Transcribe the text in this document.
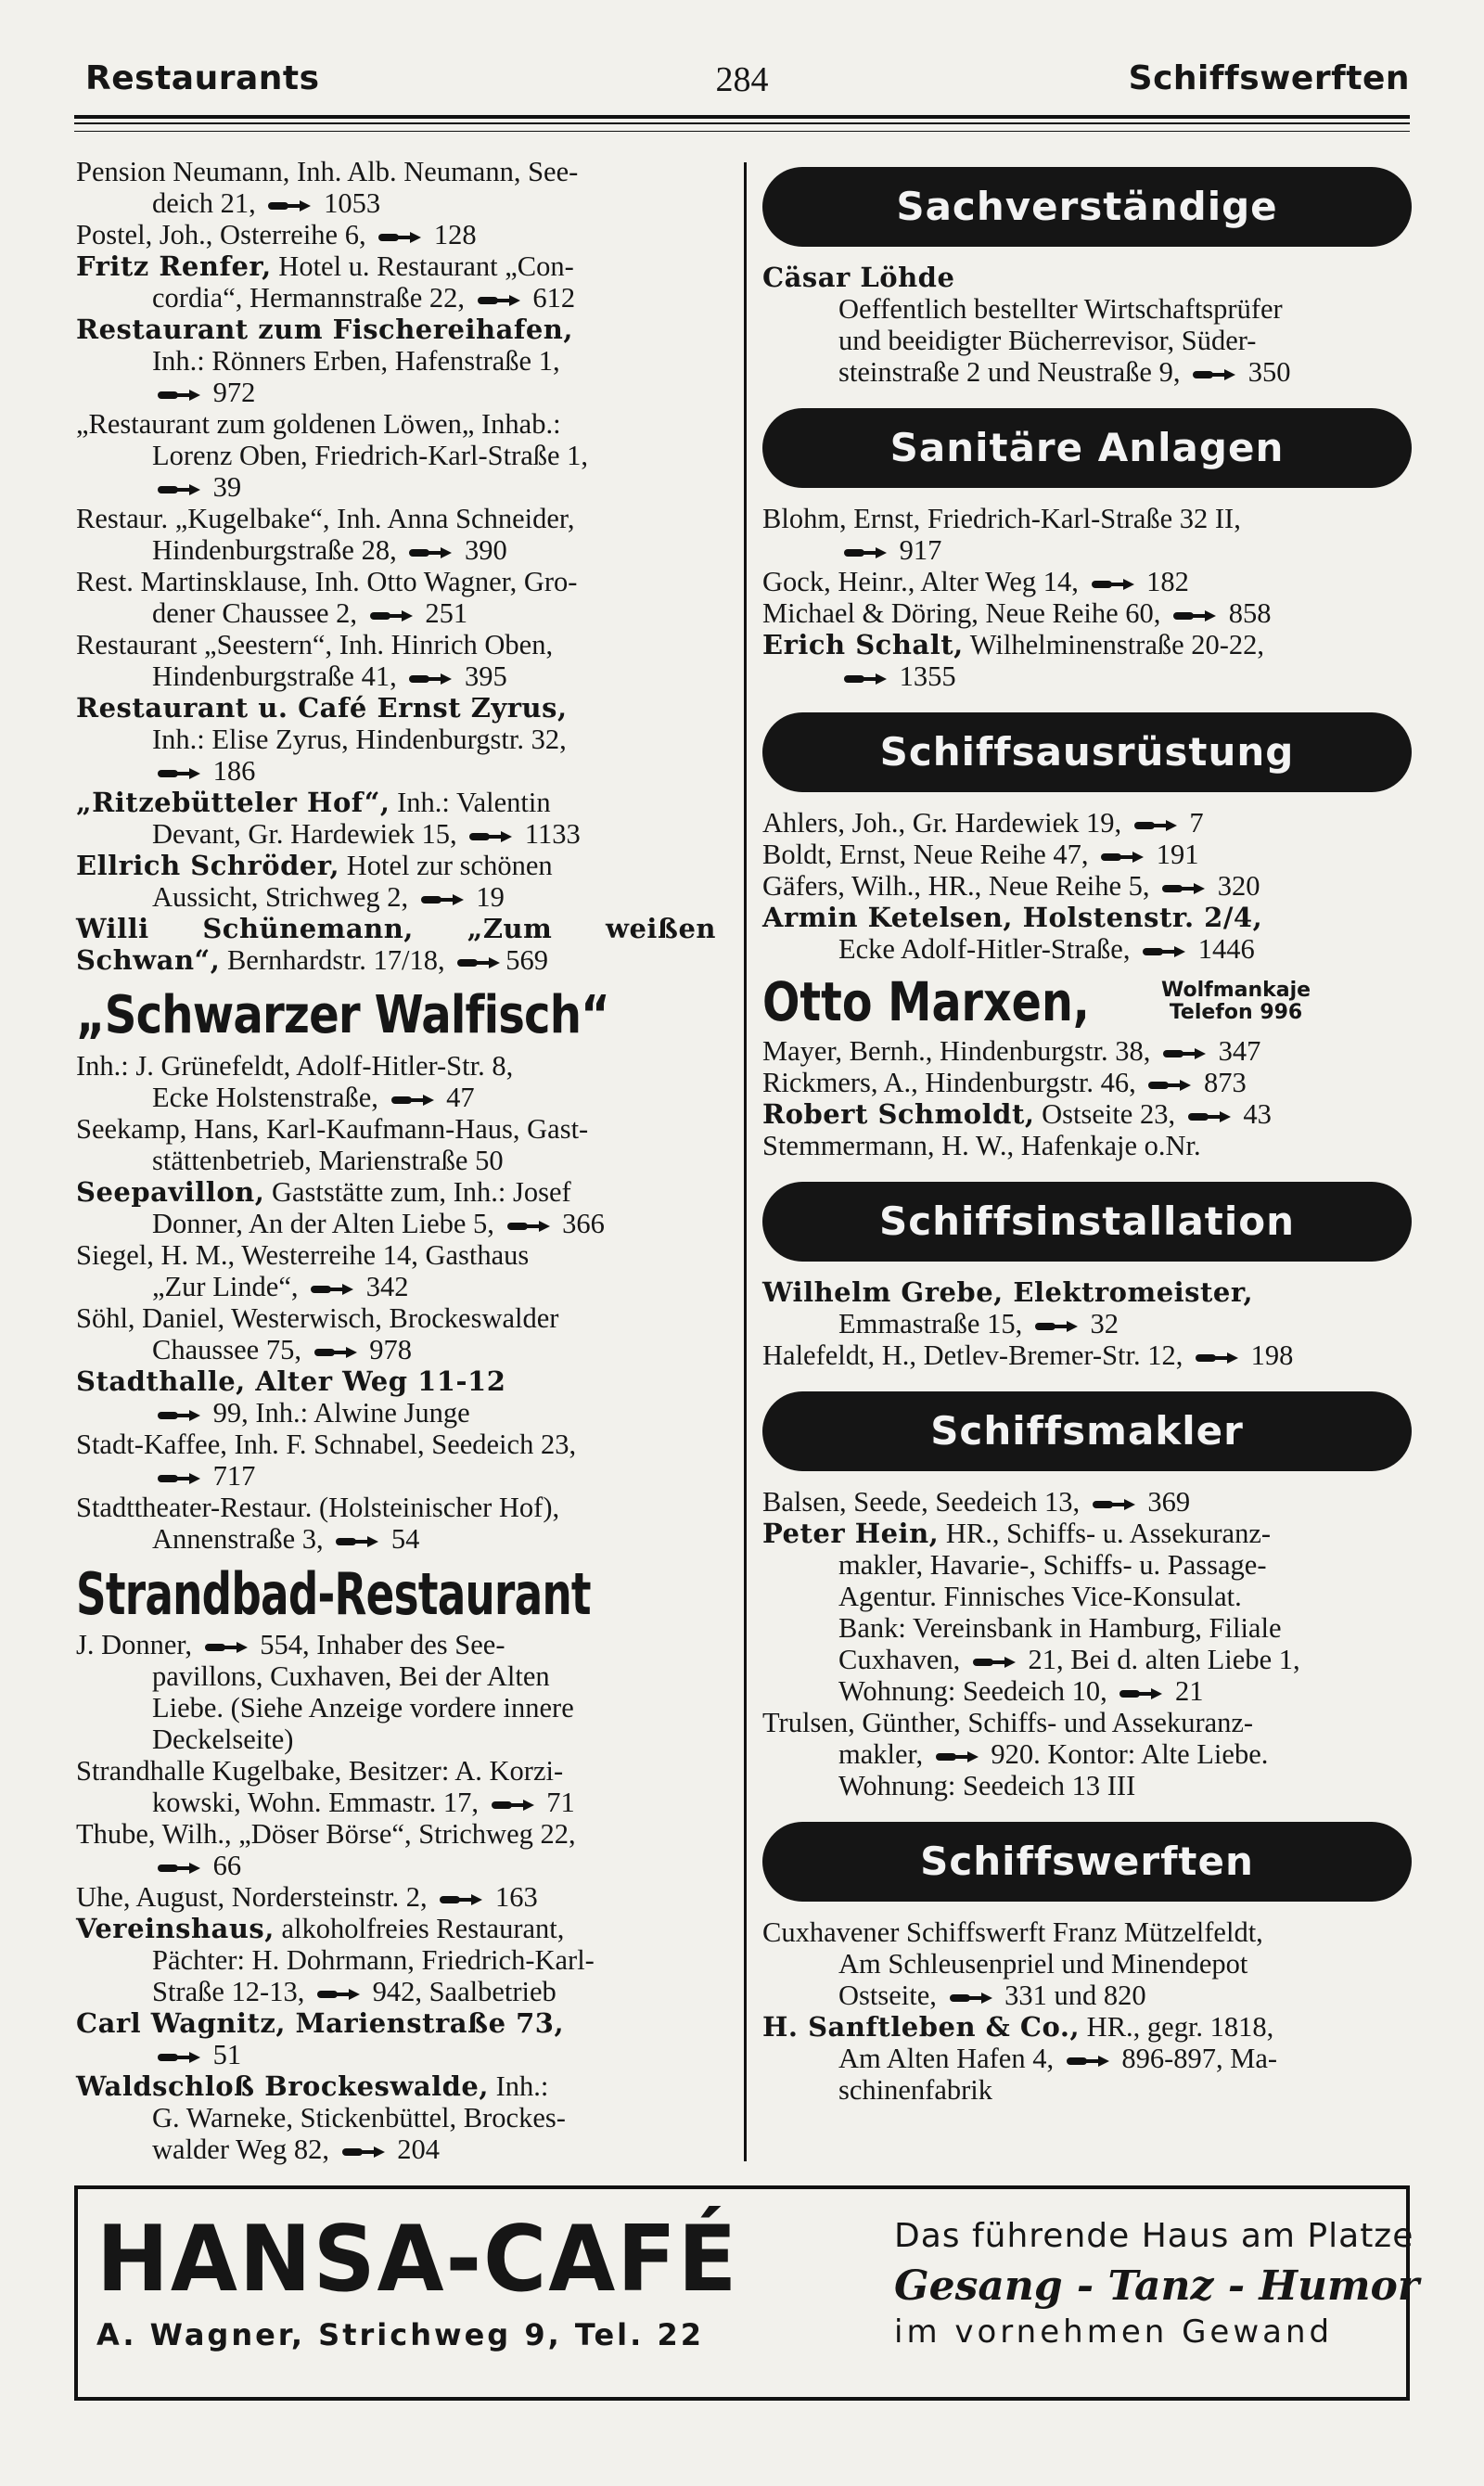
Restaurants	284	Schiffswerften
Pension Neumann, Inh. Alb. Neumann, See-
deich 21,  1053
Postel, Joh., Osterreihe 6,  128
Fritz Renfer, Hotel u. Restaurant „Con-
cordia“, Hermannstraße 22,  612
Restaurant zum Fischereihafen,
Inh.: Rönners Erben, Hafenstraße 1,
972
„Restaurant zum goldenen Löwen„ Inhab.:
Lorenz Oben, Friedrich-Karl-Straße 1,
39
Restaur. „Kugelbake“, Inh. Anna Schneider,
Hindenburgstraße 28,  390
Rest. Martinsklause, Inh. Otto Wagner, Gro-
dener Chaussee 2,  251
Restaurant „Seestern“, Inh. Hinrich Oben,
Hindenburgstraße 41,  395
Restaurant u. Café Ernst Zyrus,
Inh.: Elise Zyrus, Hindenburgstr. 32,
186
„Ritzebütteler Hof“, Inh.: Valentin
Devant, Gr. Hardewiek 15,  1133
Ellrich Schröder, Hotel zur schönen
Aussicht, Strichweg 2,  19
Willi Schünemann, „Zum weißen Schwan“, Bernhardstr. 17/18, 569
„Schwarzer Walfisch“
Inh.: J. Grünefeldt, Adolf-Hitler-Str. 8,
Ecke Holstenstraße,  47
Seekamp, Hans, Karl-Kaufmann-Haus, Gast-
stättenbetrieb, Marienstraße 50
Seepavillon, Gaststätte zum, Inh.: Josef
Donner, An der Alten Liebe 5,  366
Siegel, H. M., Westerreihe 14, Gasthaus
„Zur Linde“,  342
Söhl, Daniel, Westerwisch, Brockeswalder
Chaussee 75,  978
Stadthalle, Alter Weg 11-12
99, Inh.: Alwine Junge
Stadt-Kaffee, Inh. F. Schnabel, Seedeich 23,
717
Stadttheater-Restaur. (Holsteinischer Hof),
Annenstraße 3,  54
Strandbad-Restaurant
J. Donner,  554, Inhaber des See-
pavillons, Cuxhaven, Bei der Alten
Liebe. (Siehe Anzeige vordere innere
Deckelseite)
Strandhalle Kugelbake, Besitzer: A. Korzi-
kowski, Wohn. Emmastr. 17,  71
Thube, Wilh., „Döser Börse“, Strichweg 22,
66
Uhe, August, Nordersteinstr. 2,  163
Vereinshaus, alkoholfreies Restaurant,
Pächter: H. Dohrmann, Friedrich-Karl-
Straße 12-13,  942, Saalbetrieb
Carl Wagnitz, Marienstraße 73,
51
Waldschloß Brockeswalde, Inh.:
G. Warneke, Stickenbüttel, Brockes-
walder Weg 82,  204
Sachverständige
Cäsar Löhde
Oeffentlich bestellter Wirtschaftsprüfer
und beeidigter Bücherrevisor, Süder-
steinstraße 2 und Neustraße 9,  350
Sanitäre Anlagen
Blohm, Ernst, Friedrich-Karl-Straße 32 II,
917
Gock, Heinr., Alter Weg 14,  182
Michael & Döring, Neue Reihe 60,  858
Erich Schalt, Wilhelminenstraße 20-22,
1355
Schiffsausrüstung
Ahlers, Joh., Gr. Hardewiek 19,  7
Boldt, Ernst, Neue Reihe 47,  191
Gäfers, Wilh., HR., Neue Reihe 5,  320
Armin Ketelsen, Holstenstr. 2/4,
Ecke Adolf-Hitler-Straße,  1446
Otto Marxen,	Wolfmankaje
Telefon 996
Mayer, Bernh., Hindenburgstr. 38,  347
Rickmers, A., Hindenburgstr. 46,  873
Robert Schmoldt, Ostseite 23,  43
Stemmermann, H. W., Hafenkaje o.Nr.
Schiffsinstallation
Wilhelm Grebe, Elektromeister,
Emmastraße 15,  32
Halefeldt, H., Detlev-Bremer-Str. 12,  198
Schiffsmakler
Balsen, Seede, Seedeich 13,  369
Peter Hein, HR., Schiffs- u. Assekuranz-
makler, Havarie-, Schiffs- u. Passage-
Agentur. Finnisches Vice-Konsulat.
Bank: Vereinsbank in Hamburg, Filiale
Cuxhaven,  21, Bei d. alten Liebe 1,
Wohnung: Seedeich 10,  21
Trulsen, Günther, Schiffs- und Assekuranz-
makler,  920. Kontor: Alte Liebe.
Wohnung: Seedeich 13 III
Schiffswerften
Cuxhavener Schiffswerft Franz Mützelfeldt,
Am Schleusenpriel und Minendepot
Ostseite,  331 und 820
H. Sanftleben & Co., HR., gegr. 1818,
Am Alten Hafen 4,  896-897, Ma-
schinenfabrik
HANSA-CAFÉ
A. Wagner, Strichweg 9, Tel. 22
Das führende Haus am Platze
Gesang - Tanz - Humor
im vornehmen Gewand
